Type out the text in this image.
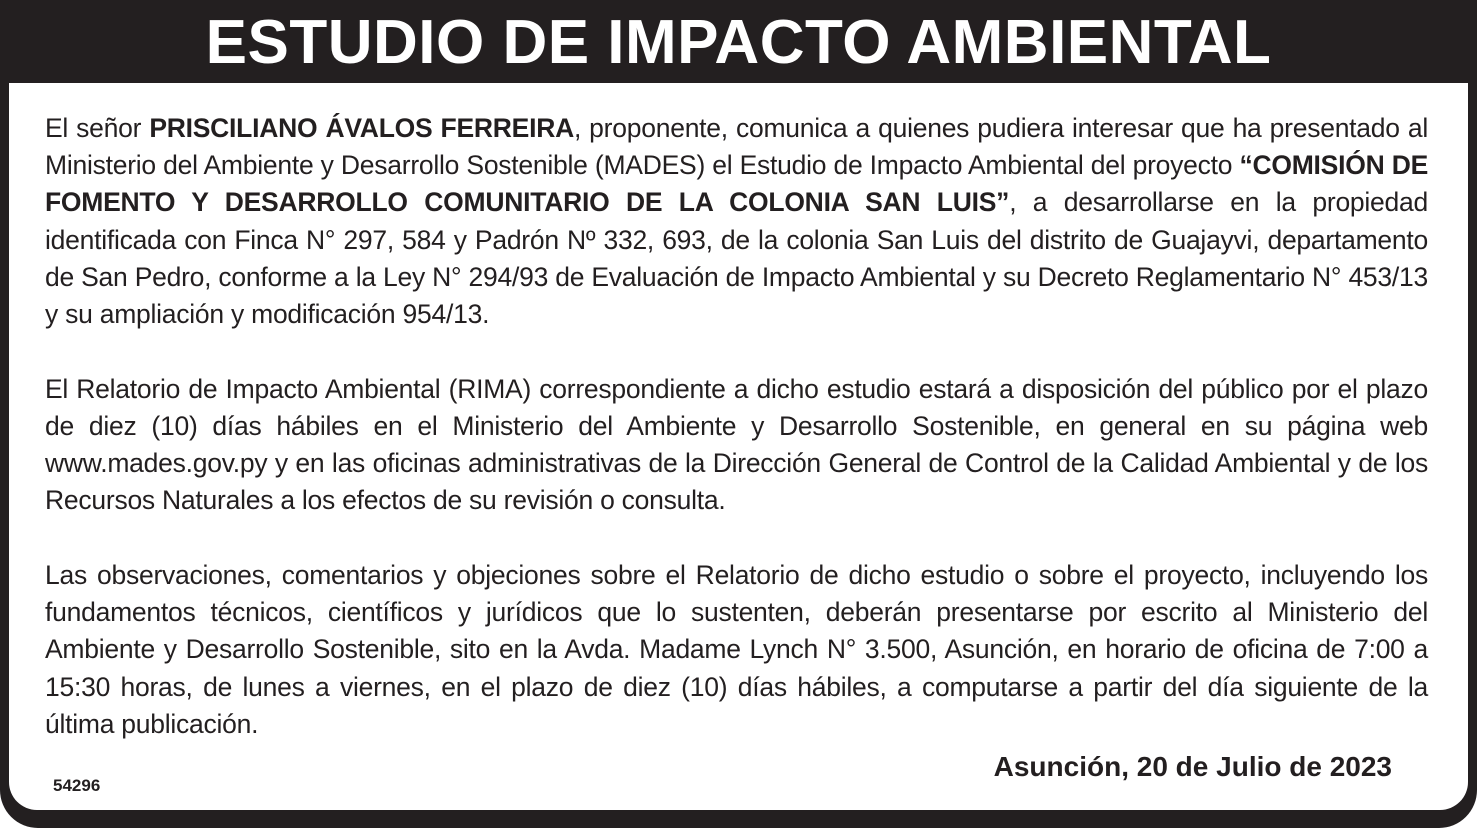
ESTUDIO DE IMPACTO AMBIENTAL

El señor PRISCILIANO ÁVALOS FERREIRA, proponente, comunica a quienes pudiera interesar que ha presentado al Ministerio del Ambiente y Desarrollo Sostenible (MADES) el Estudio de Impacto Ambiental del proyecto “COMISIÓN DE FOMENTO Y DESARROLLO COMUNITARIO DE LA COLONIA SAN LUIS”, a desarrollarse en la propiedad identificada con Finca N° 297, 584 y Padrón Nº 332, 693, de la colonia San Luis del distrito de Guajayvi, departamento de San Pedro, conforme a la Ley N° 294/93 de Evaluación de Impacto Ambiental y su Decreto Reglamentario N° 453/13 y su ampliación y modificación 954/13.

El Relatorio de Impacto Ambiental (RIMA) correspondiente a dicho estudio estará a disposición del público por el plazo de diez (10) días hábiles en el Ministerio del Ambiente y Desarrollo Sostenible, en general en su página web www.mades.gov.py y en las oficinas administrativas de la Dirección General de Control de la Calidad Ambiental y de los Recursos Naturales a los efectos de su revisión o consulta.

Las observaciones, comentarios y objeciones sobre el Relatorio de dicho estudio o sobre el proyecto, incluyendo los fundamentos técnicos, científicos y jurídicos que lo sustenten, deberán presentarse por escrito al Ministerio del Ambiente y Desarrollo Sostenible, sito en la Avda. Madame Lynch N° 3.500, Asunción, en horario de oficina de 7:00 a 15:30 horas, de lunes a viernes, en el plazo de diez (10) días hábiles, a computarse a partir del día siguiente de la última publicación.

Asunción, 20 de Julio de 2023

54296
